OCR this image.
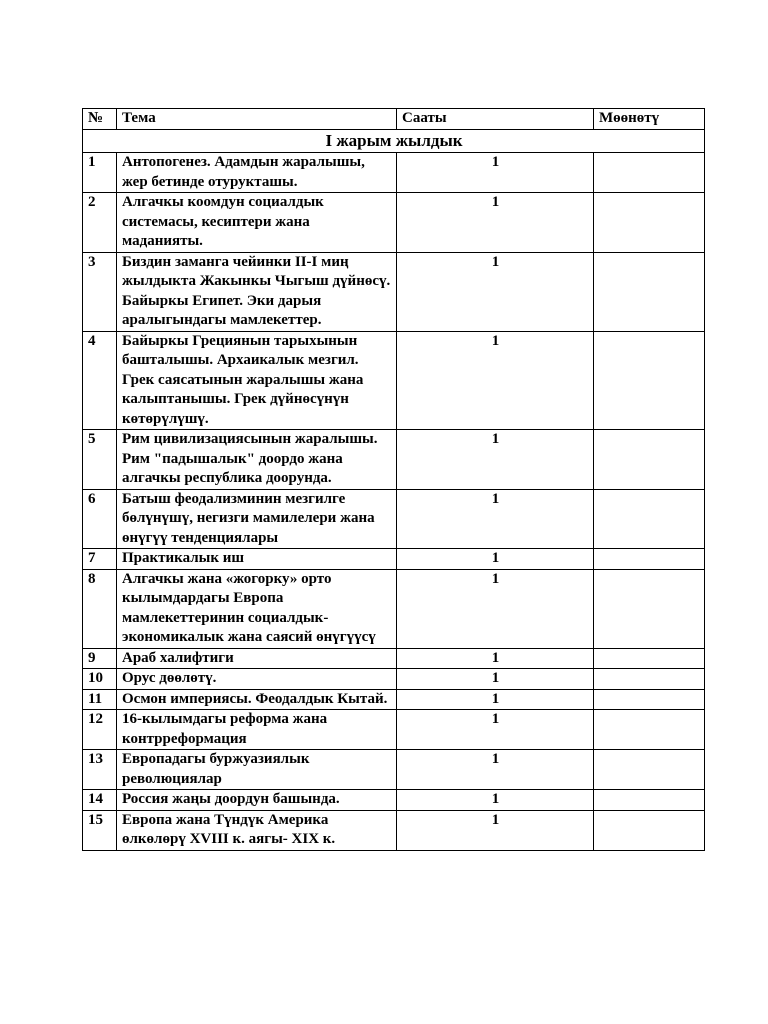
№	Тема	Сааты	Мөөнөтү
I жарым жылдык			
1	Антопогенез. Адамдын жаралышы, жер бетинде отурукташы.	1	
2	Алгачкы коомдун социалдык системасы, кесиптери жана маданияты.	1	
3	Биздин заманга чейинки II-I миң жылдыкта Жакынкы Чыгыш дүйнөсү. Байыркы Египет. Эки дарыя аралыгындагы мамлекеттер.	1	
4	Байыркы Грециянын тарыхынын башталышы. Архаикалык мезгил. Грек саясатынын жаралышы жана калыптанышы. Грек дүйнөсүнүн көтөрүлүшү.	1	
5	Рим цивилизациясынын жаралышы. Рим "падышалык" доордо жана алгачкы республика доорунда.	1	
6	Батыш феодализминин мезгилге бөлүнүшү, негизги мамилелери жана өнүгүү тенденциялары	1	
7	Практикалык иш	1	
8	Алгачкы жана «жогорку» орто кылымдардагы Европа мамлекеттеринин социалдык-экономикалык жана саясий өнүгүүсү	1	
9	Араб халифтиги	1	
10	Орус дөөлөтү.	1	
11	Осмон империясы. Феодалдык Кытай.	1	
12	16-кылымдагы реформа жана контрреформация	1	
13	Европадагы буржуазиялык революциялар	1	
14	Россия жаңы доордун башында.	1	
15	Европа жана Түндүк Америка өлкөлөрү XVIII к. аягы- XIX к.	1	
